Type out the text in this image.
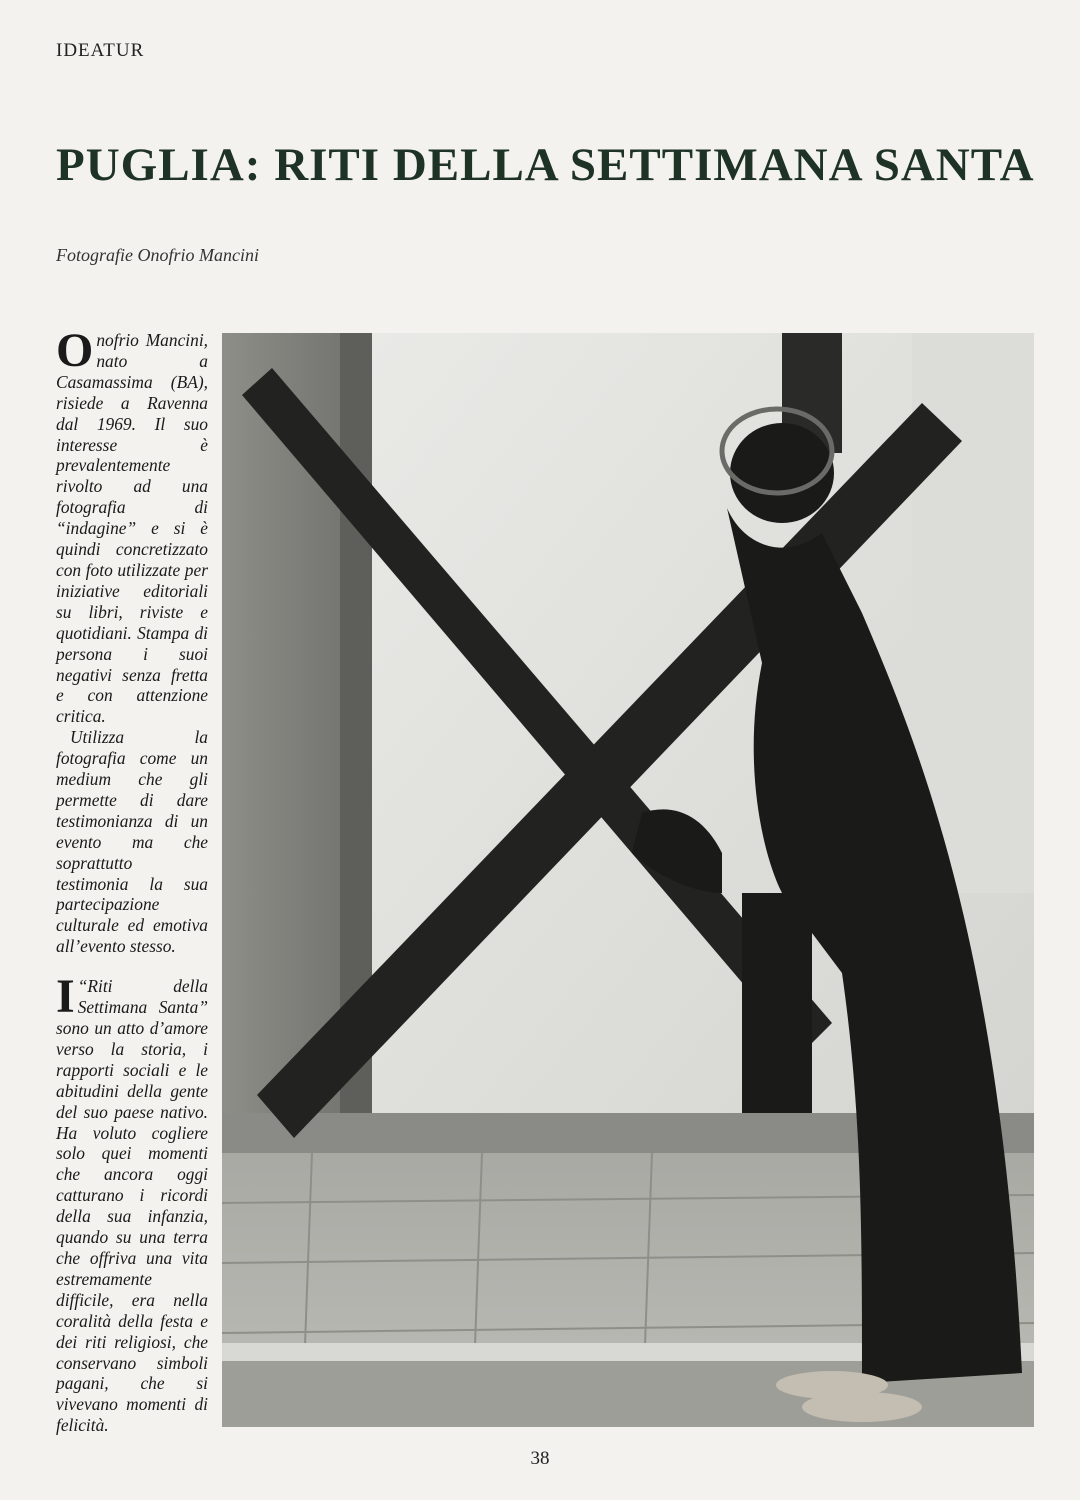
IDEATUR
PUGLIA: RITI DELLA SETTIMANA SANTA
Fotografie Onofrio Mancini

Onofrio Mancini, nato a Casamassima (BA), risiede a Ravenna dal 1969. Il suo interesse è prevalentemente rivolto ad una fotografia di “indagine” e si è quindi concretizzato con foto utilizzate per iniziative editoriali su libri, riviste e quotidiani. Stampa di persona i suoi negativi senza fretta e con attenzione critica.

Utilizza la fotografia come un medium che gli permette di dare testimonianza di un evento ma che soprattutto testimonia la sua partecipazione culturale ed emotiva all’evento stesso.

I “Riti della Settimana Santa” sono un atto d’amore verso la storia, i rapporti sociali e le abitudini della gente del suo paese nativo. Ha voluto cogliere solo quei momenti che ancora oggi catturano i ricordi della sua infanzia, quando su una terra che offriva una vita estremamente difficile, era nella coralità della festa e dei riti religiosi, che conservano simboli pagani, che si vivevano momenti di felicità.

38
